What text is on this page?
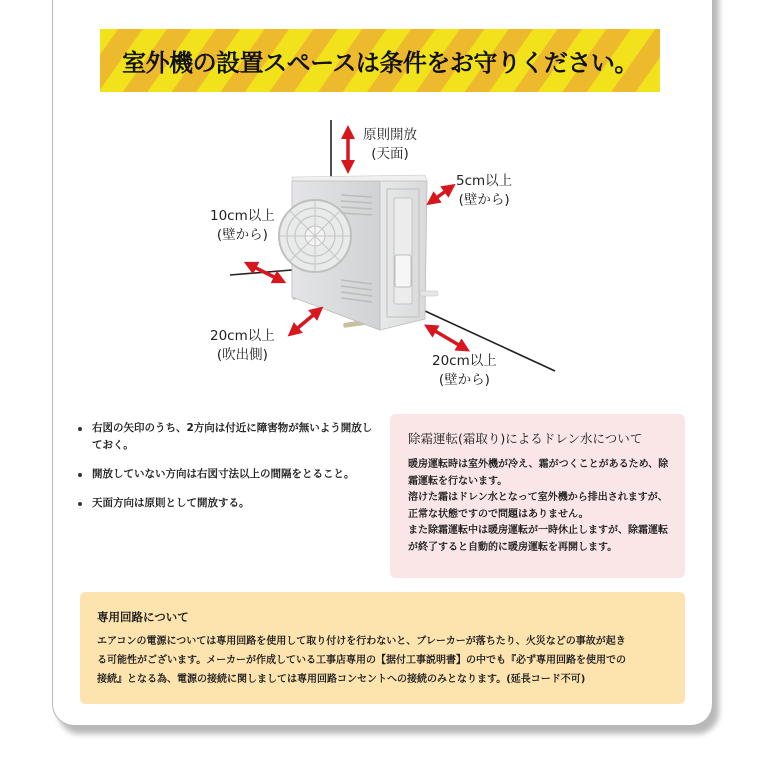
室外機の設置スペースは条件をお守りください。
原則開放
(天面)
5cm以上
(壁から)
10cm以上
(壁から)
20cm以上
(吹出側)	20cm以上
(壁から)
右図の矢印のうち、2方向は付近に障害物が無いよう開放しておく。
開放していない方向は右図寸法以上の間隔をとること。
天面方向は原則として開放する。
除霜運転(霜取り)によるドレン水について

暖房運転時は室外機が冷え、霜がつくことがあるため、除霜運転を行ないます。

溶けた霜はドレン水となって室外機から排出されますが、正常な状態ですので問題はありません。

また除霜運転中は暖房運転が一時休止しますが、除霜運転が終了すると自動的に暖房運転を再開します。

専用回路について

エアコンの電源については専用回路を使用して取り付けを行わないと、ブレーカーが落ちたり、火災などの事故が起き

る可能性がございます。メーカーが作成している工事店専用の【据付工事説明書】の中でも『必ず専用回路を使用での

接続』となる為、電源の接続に関しましては専用回路コンセントへの接続のみとなります。(延長コード不可)
